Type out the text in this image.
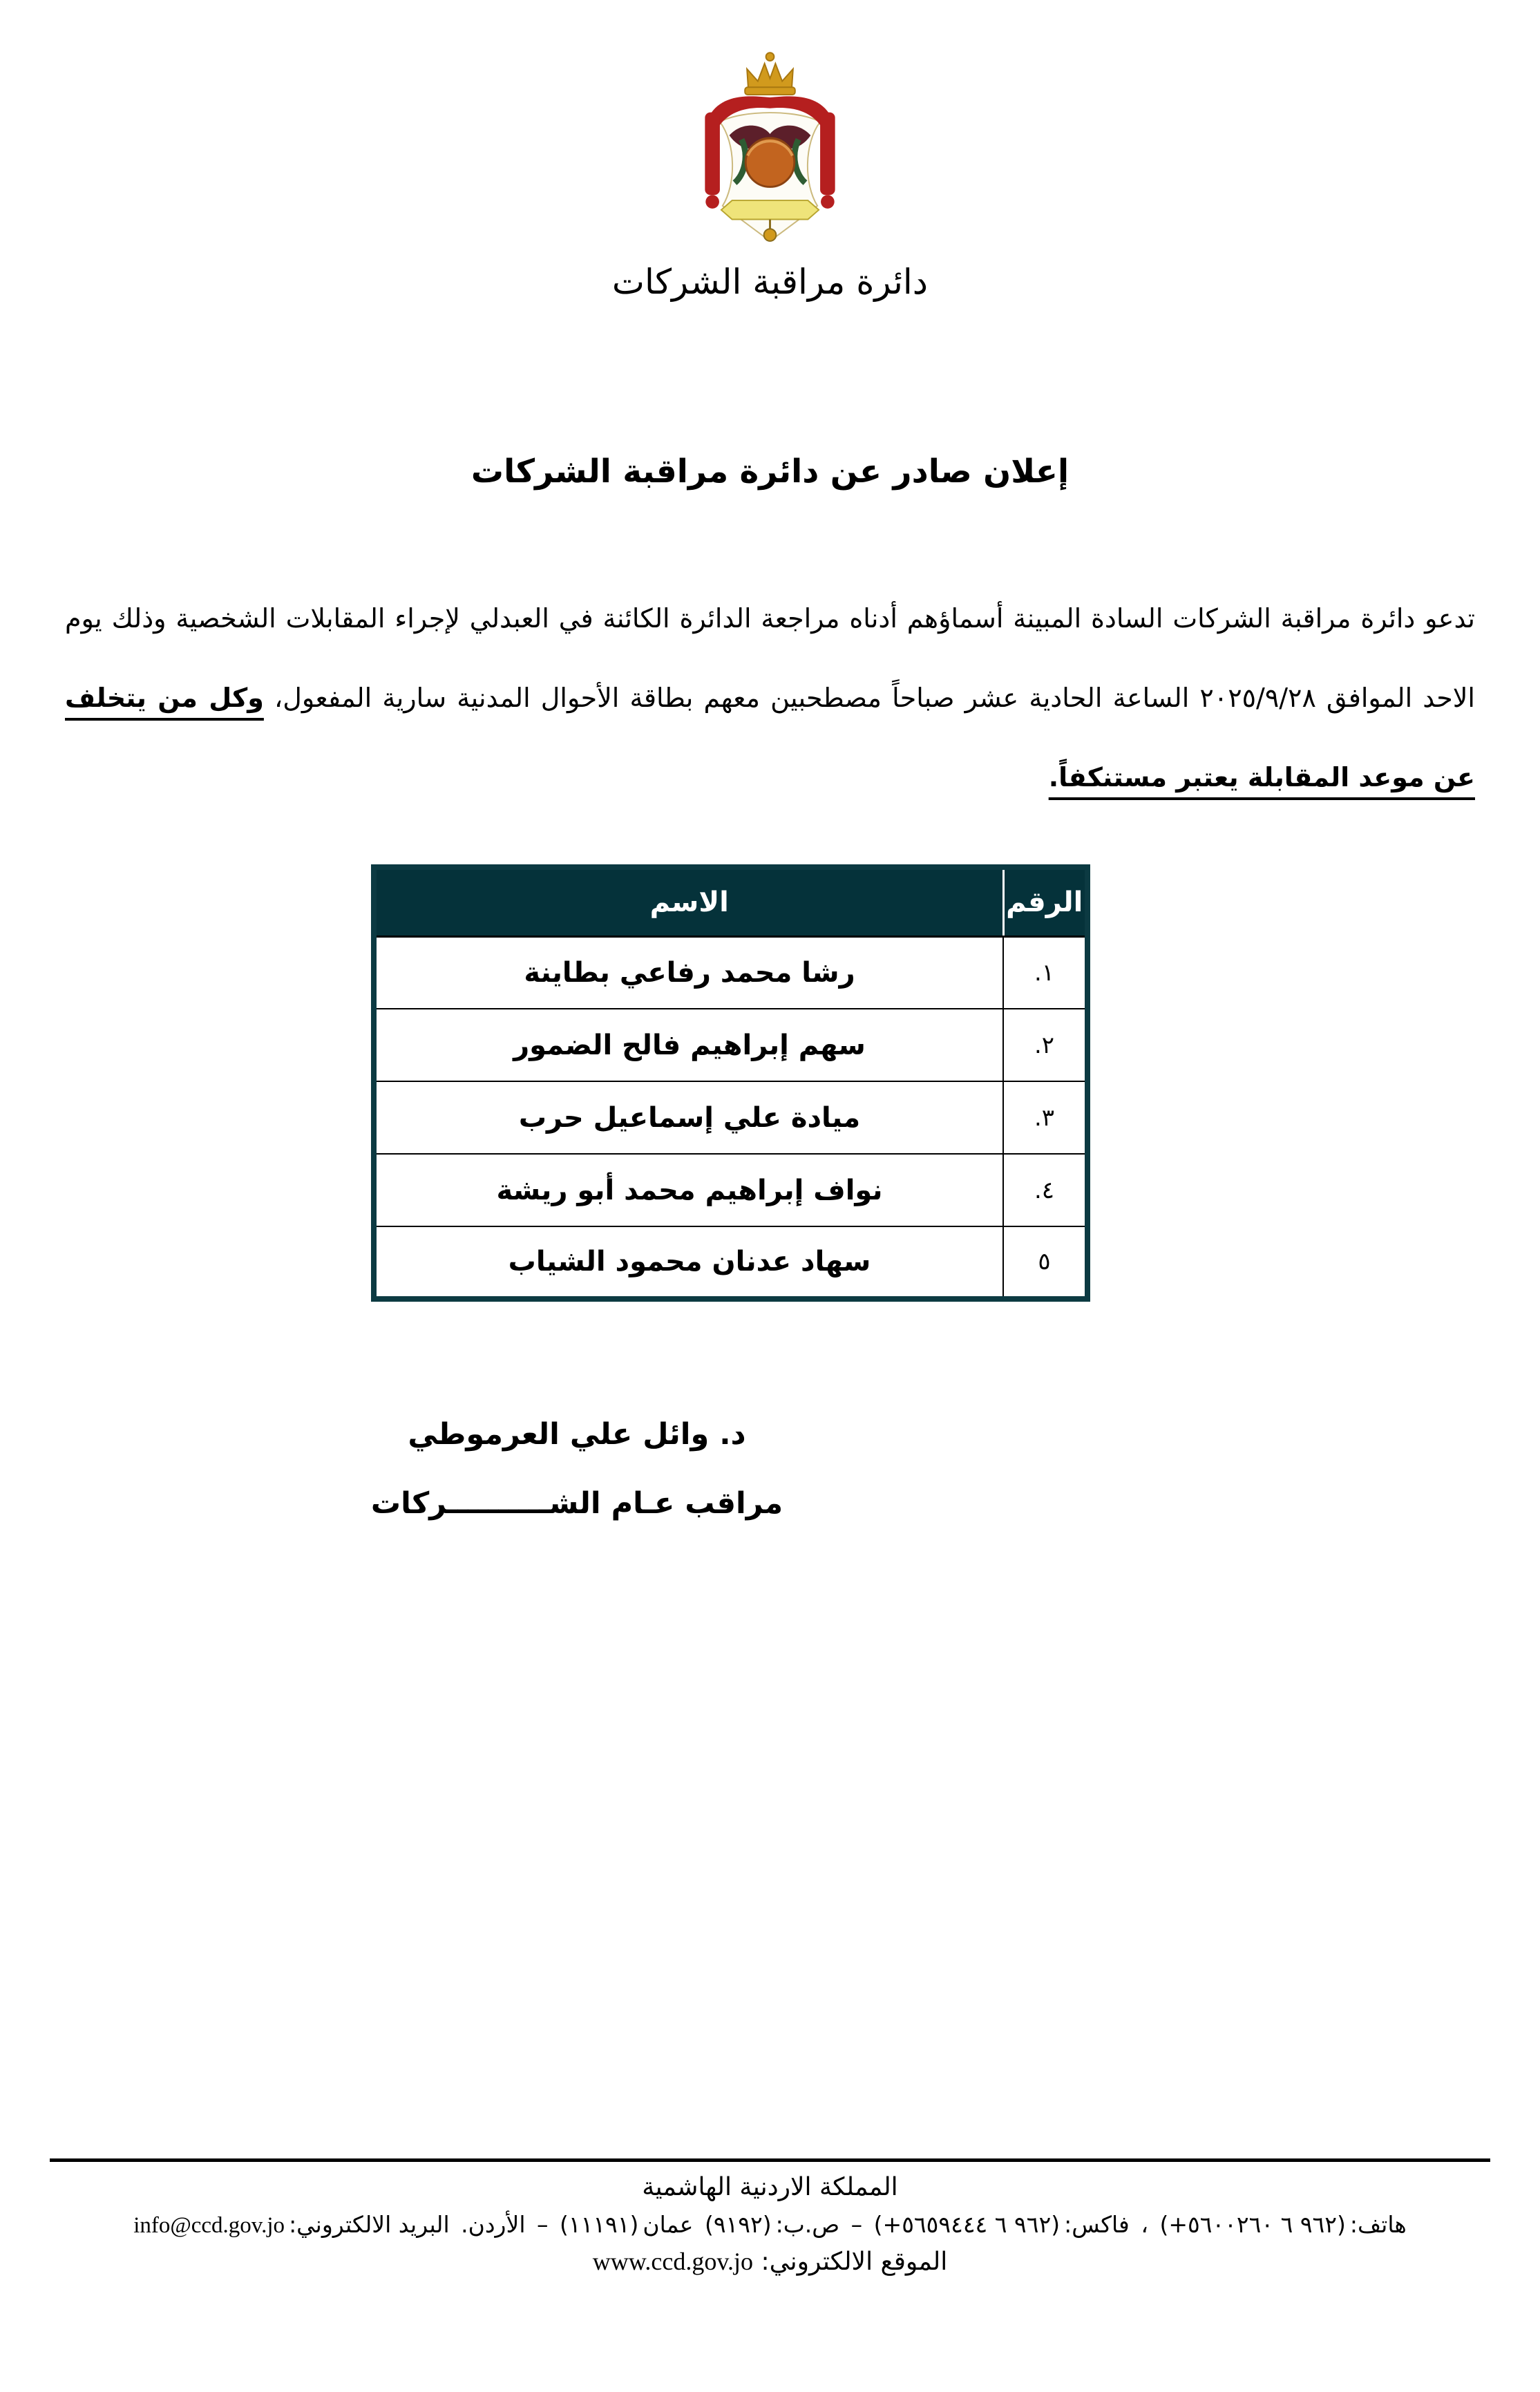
دائرة مراقبة الشركات
إعلان صادر عن دائرة مراقبة الشركات

تدعو دائرة مراقبة الشركات السادة المبينة أسماؤهم أدناه مراجعة الدائرة الكائنة في العبدلي لإجراء المقابلات الشخصية وذلك يوم الاحد الموافق ٢٠٢٥/٩/٢٨ الساعة الحادية عشر صباحاً مصطحبين معهم بطاقة الأحوال المدنية سارية المفعول، وكل من يتخلف عن موعد المقابلة يعتبر مستنكفاً.

الرقم	الاسم
١.	رشا محمد رفاعي بطاينة
٢.	سهم إبراهيم فالح الضمور
٣.	ميادة علي إسماعيل حرب
٤.	نواف إبراهيم محمد أبو ريشة
٥	سهاد عدنان محمود الشياب
د. وائل علي العرموطي
مراقب عـام الشــــــــــركات
المملكة الاردنية الهاشمية
هاتف:(+٩٦٢ ٦ ٥٦٠٠٢٦٠) ، فاكس:(+٩٦٢ ٦ ٥٦٥٩٤٤٤) – ص.ب:(٩١٩٢) عمان(١١١٩١) – الأردن. البريد الالكتروني:info@ccd.gov.jo
الموقع الالكتروني: www.ccd.gov.jo
